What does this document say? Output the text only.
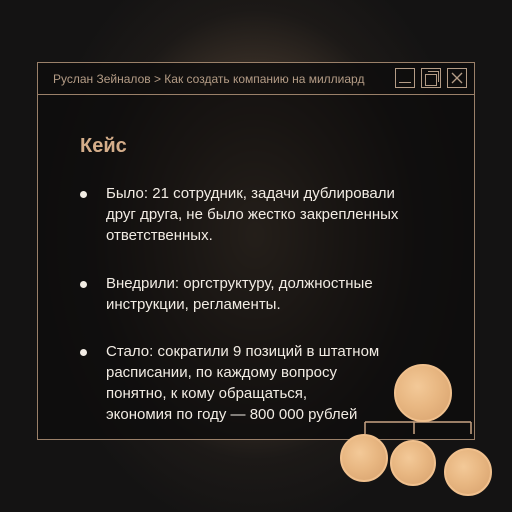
Руслан Зейналов > Как создать компанию на миллиард
Кейс
Было: 21 сотрудник, задачи дублировали
друг друга, не было жестко закрепленных
ответственных.
Внедрили: оргструктуру, должностные
инструкции, регламенты.
Стало: сократили 9 позиций в штатном
расписании, по каждому вопросу
понятно, к кому обращаться,
экономия по году — 800 000 рублей
